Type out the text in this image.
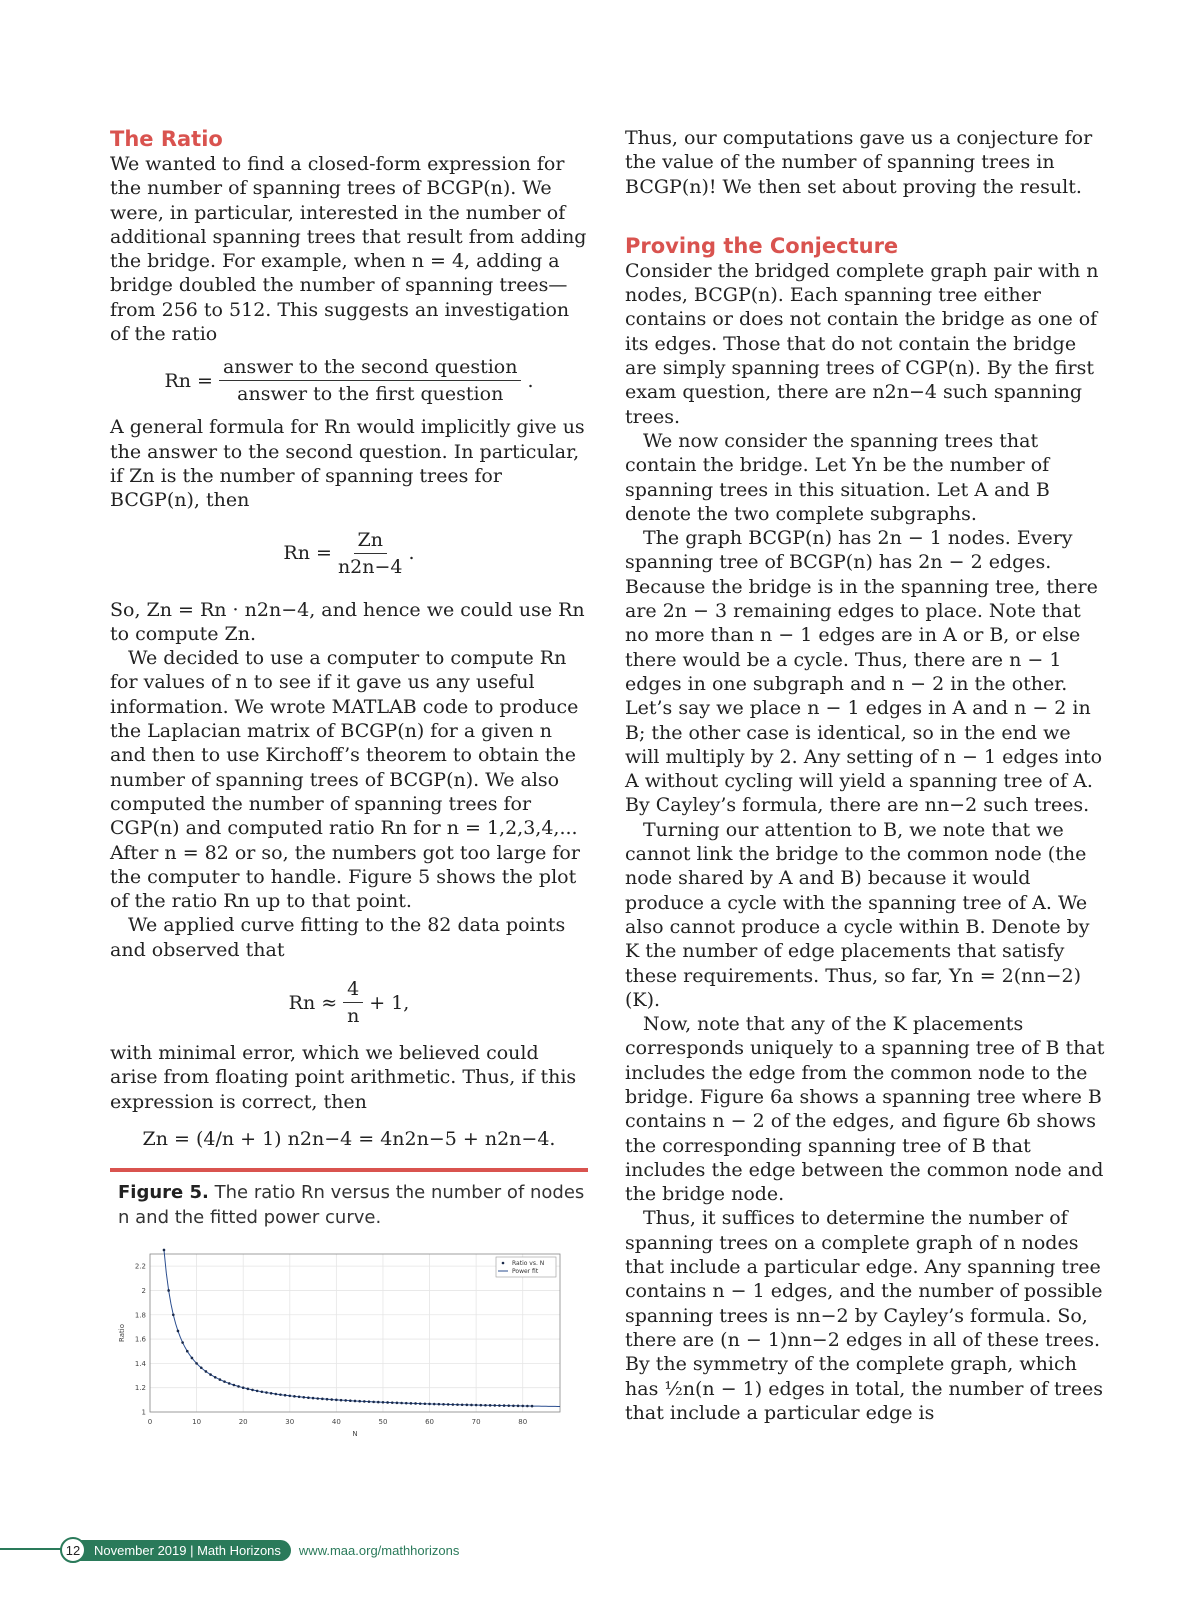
The Ratio

We wanted to find a closed-form expression for the number of spanning trees of BCGP(n). We were, in particular, interested in the number of additional spanning trees that result from adding the bridge. For example, when n = 4, adding a bridge doubled the number of spanning trees—from 256 to 512. This suggests an investigation of the ratio

$Rn = \frac{\text{answer to the second question}}{\text{answer to the first question}}$ .

A general formula for Rn would implicitly give us the answer to the second question. In particular, if Zn is the number of spanning trees for BCGP(n), then

$Rn = \frac{Zn}{n2n-4}$ .

So, Zn = Rn · n2n−4, and hence we could use Rn to compute Zn.

We decided to use a computer to compute Rn for values of n to see if it gave us any useful information. We wrote MATLAB code to produce the Laplacian matrix of BCGP(n) for a given n and then to use Kirchoff’s theorem to obtain the number of spanning trees of BCGP(n). We also computed the number of spanning trees for CGP(n) and computed ratio Rn for n = 1,2,3,4,... After n = 82 or so, the numbers got too large for the computer to handle. Figure 5 shows the plot of the ratio Rn up to that point.

We applied curve fitting to the 82 data points and observed that

$Rn \approx \frac{4}{n} + 1$,

with minimal error, which we believed could arise from floating point arithmetic. Thus, if this expression is correct, then

Zn = (4/n + 1) n2n−4 = 4n2n−5 + n2n−4.
Figure 5. The ratio Rn versus the number of nodes n and the fitted power curve.
0	10	20	30	40	50	60	70	80
1
1.2
1.4
1.6
1.8
2
2.2
N
Ratio
Ratio vs. N
Power fit

Thus, our computations gave us a conjecture for the value of the number of spanning trees in BCGP(n)! We then set about proving the result.

Proving the Conjecture

Consider the bridged complete graph pair with n nodes, BCGP(n). Each spanning tree either contains or does not contain the bridge as one of its edges. Those that do not contain the bridge are simply spanning trees of CGP(n). By the first exam question, there are n2n−4 such spanning trees.

We now consider the spanning trees that contain the bridge. Let Yn be the number of spanning trees in this situation. Let A and B denote the two complete subgraphs.

The graph BCGP(n) has 2n − 1 nodes. Every spanning tree of BCGP(n) has 2n − 2 edges. Because the bridge is in the spanning tree, there are 2n − 3 remaining edges to place. Note that no more than n − 1 edges are in A or B, or else there would be a cycle. Thus, there are n − 1 edges in one subgraph and n − 2 in the other. Let’s say we place n − 1 edges in A and n − 2 in B; the other case is identical, so in the end we will multiply by 2. Any setting of n − 1 edges into A without cycling will yield a spanning tree of A. By Cayley’s formula, there are nn−2 such trees.

Turning our attention to B, we note that we cannot link the bridge to the common node (the node shared by A and B) because it would produce a cycle with the spanning tree of A. We also cannot produce a cycle within B. Denote by K the number of edge placements that satisfy these requirements. Thus, so far, Yn = 2(nn−2)(K).

Now, note that any of the K placements corresponds uniquely to a spanning tree of B that includes the edge from the common node to the bridge. Figure 6a shows a spanning tree where B contains n − 2 of the edges, and figure 6b shows the corresponding spanning tree of B that includes the edge between the common node and the bridge node.

Thus, it suffices to determine the number of spanning trees on a complete graph of n nodes that include a particular edge. Any spanning tree contains n − 1 edges, and the number of possible spanning trees is nn−2 by Cayley’s formula. So, there are (n − 1)nn−2 edges in all of these trees. By the symmetry of the complete graph, which has ½n(n − 1) edges in total, the number of trees that include a particular edge is

12	November 2019 | Math Horizons	www.maa.org/mathhorizons
